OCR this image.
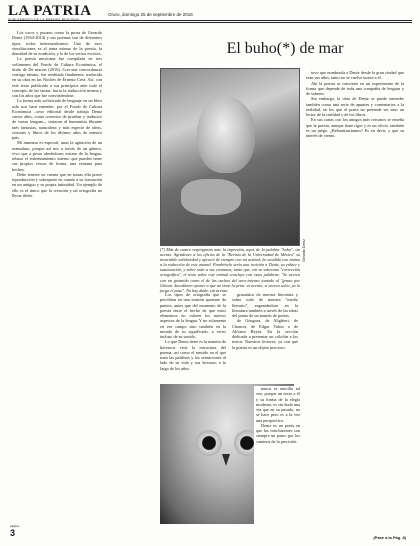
LA PATRIA
SUPLEMENTO DE LA PRENSA REGIONAL
Oruro, domingo 25 de septiembre de 2016
El buho(*) de mar

Los tucos y pucano como la prosa de Gerardo Deniz (1934-2014) y sus poemas son de diferentes tipos, todos interesantísimos. Uno de esos vincúlaciones es al tema mismo de la poesía, la densidad de su erudición, y la de los versos escritos.

La poesía mexicana fue compilada en tres volúmenes del Fondo de Cultura Económica, el título de De marras (2016). Con una concordancia consigo mismo, fue reeditado finalmente, traducida en su obra en las Noches de Ernesto Crea. Así, con este texto publicado a sus principios ante todo el concepto de las tantas, hacia la traducción misma y con los años que fue convirtiéndose.

La forma más sofisticada de lenguaje en un libro solo nos hará entender, por el Fondo de Cultura Económica –sexo editorial desde trabajo Deniz varios años, como corrector de pruebas y traductor de varias lenguas–, instaron al humanista fibrante inés fantasías, naturaleza y más especie de ideas, visiones y libros de los últimos años de nuestro país.

Mi inmensa es especial, unas la agitación de un reanudaso, porque así nos a través de un género, vivo que a pesar alrededores mismo de la lengua, rebasa el enfrentamiento ínterno que pueden tener sus propios versos de forma, una ventana para hechos.

Debe tenerse en cuenta que en trazas ella posee reproducción y sobreparte en cuanto a su formación en un antiguo y su propia intimidad. Un ejemplo de ello es el único que la creación y tal ortografía no llevar tildes.

Gerardo Deniz

tuvo que nombrarla a Deniz desde la gran ciudad que eran sus años, tanto no se vuelve nunca a él.

Ahí la poesía se convierte en un experimento de la forma que depende de toda una compañía de lenguas y de saberes.

Sin embargo, la obra de Deniz se puede entender también como una serie de apuntes y comentarios a la realidad, en los que el poeta no pretende ser sino un lector de la realidad y de los libros.

En sus cartas con los amigos más cercanos se enseña que la poesía, aunque tiene rigor y es un oficio, también es un juego. ¿Rebautizaríamos? Es en decir, y que su interés de viento.

(*) Más de cuatro respingarán ante la impresión, aquí, de la palabra "buho", sin acento. Agradezco a los oficios de la "Revista de la Universidad de México" su invariable solidaridad y aprecio de siempre con mi actitud; he acudido con ánimo a la redacción de este animal. Pondréselo sería una traición a Deniz, su enlace y sustentación, y sobre todo a sus criaturas, tanto que, sin su soberano "corrección ortográfica", el texto sobre este animal concluye con estas palabras: "Se acerca con un graznido como el de las cuchas del arco-intenso tomado al "grano por Gibson. Sucedáneo oponer a que no tiene la pena: es acento, si acerca seleo, ya lo juega el puso". No hay duda: sin acento.

Los tipos de ortografía que se percibían en una tensión aparente de puntos, antes que del momento de la poesía entre el hecho de que estos elementos no cubren los nuevos aspectos de la lengua. Y no solamente en ese campo sino también en la mirada de su significado, a veces incluso de su sonido.

Lo que Deniz tiene es la manera de hacernos vivir la estructura del poema, así como el sentido en el que trata las palabras y las sensaciones al lado de su vida y sus lecturas, a lo largo de los años.

gramática de nuestra literatura y sobre todo de nuestra "medio literario", engranándose en la literatura también a través de las ideas del punto de un mundo de poetas.

de Góngora, de Alighieri, de Chaucer, de Edgar Valois o de Alfonso Reyes. En la sección dedicada a presentar un colofón a los textos. Nuestros lectores, ya con que la poesía es un objeto precioso.

nunca es sencillo tal vez, porque un texto a él y su forma de la elegía moderna, es sin duda una vía que en su pasado, no se hace pero es a la vez una perspectiva.

Deniz es un poeta en que las conclusiones son siempre un paseo por los caminos de la precisión.

página
3	(Pase a la Pág. 8)
